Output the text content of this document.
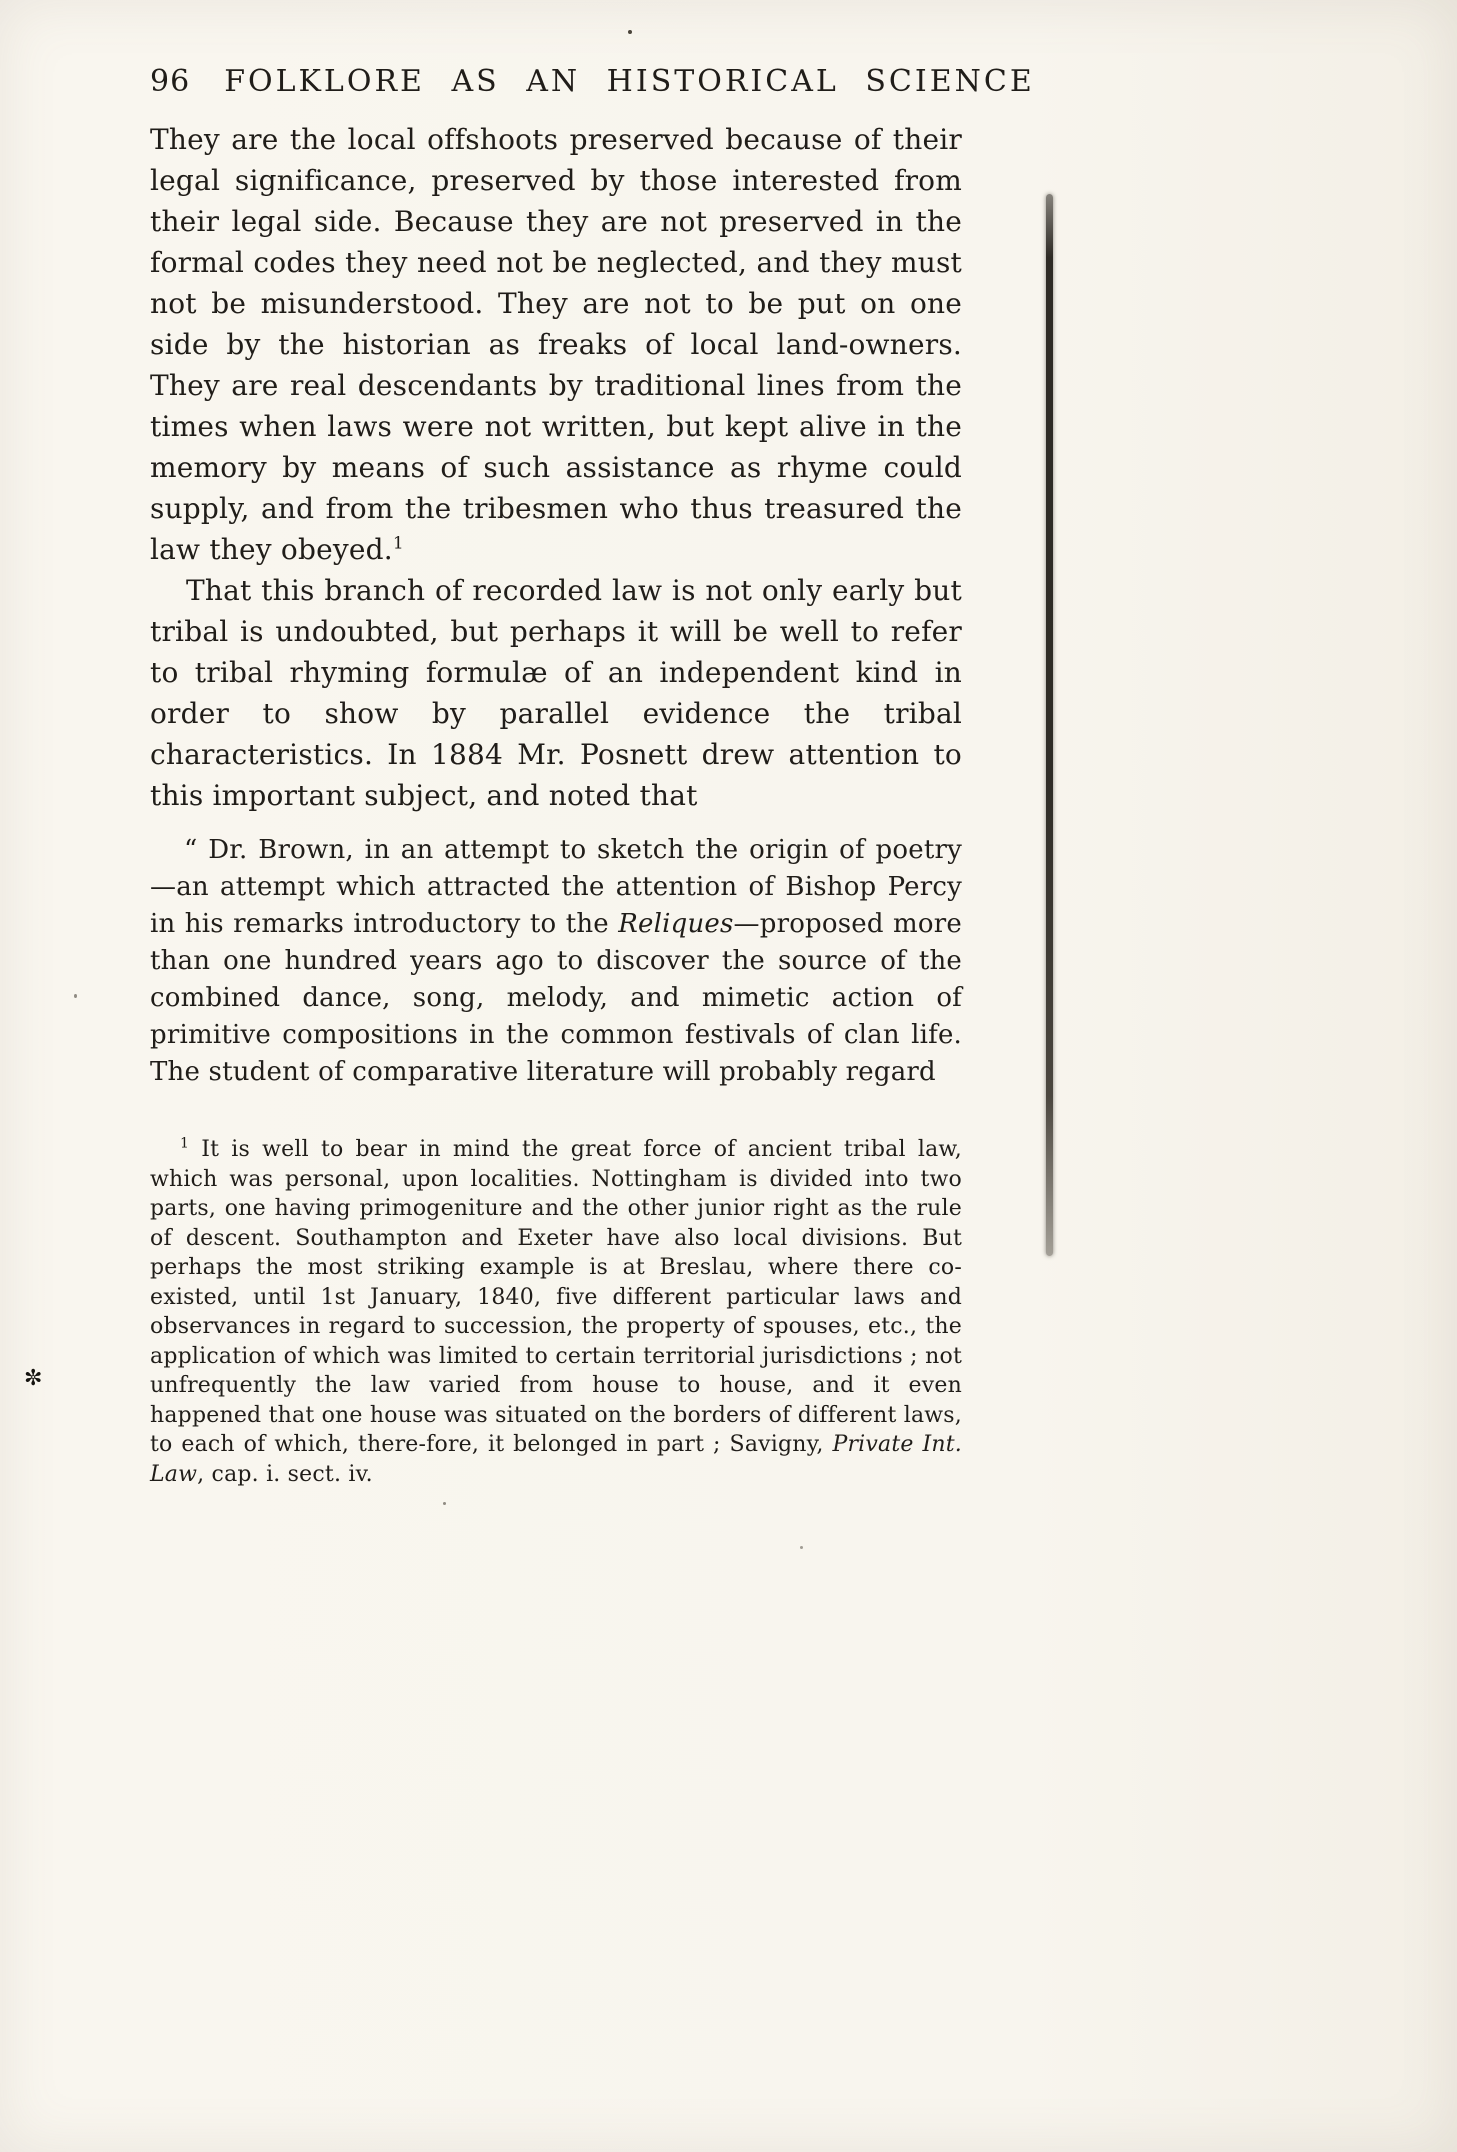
96 FOLKLORE AS AN HISTORICAL SCIENCE

They are the local offshoots preserved because of their legal significance, preserved by those interested from their legal side. Because they are not preserved in the formal codes they need not be neglected, and they must not be misunderstood. They are not to be put on one side by the historian as freaks of local land-owners. They are real descendants by traditional lines from the times when laws were not written, but kept alive in the memory by means of such assistance as rhyme could supply, and from the tribesmen who thus treasured the law they obeyed.$^1$

That this branch of recorded law is not only early but tribal is undoubted, but perhaps it will be well to refer to tribal rhyming formulæ of an independent kind in order to show by parallel evidence the tribal characteristics. In 1884 Mr. Posnett drew attention to this important subject, and noted that

“ Dr. Brown, in an attempt to sketch the origin of poetry—an attempt which attracted the attention of Bishop Percy in his remarks introductory to the Reliques—proposed more than one hundred years ago to discover the source of the combined dance, song, melody, and mimetic action of primitive compositions in the common festivals of clan life. The student of comparative literature will probably regard

$^1$ It is well to bear in mind the great force of ancient tribal law, which was personal, upon localities. Nottingham is divided into two parts, one having primogeniture and the other junior right as the rule of descent. Southampton and Exeter have also local divisions. But perhaps the most striking example is at Breslau, where there co-existed, until 1st January, 1840, five different particular laws and observances in regard to succession, the property of spouses, etc., the application of which was limited to certain territorial jurisdictions ; not unfrequently the law varied from house to house, and it even happened that one house was situated on the borders of different laws, to each of which, there-fore, it belonged in part ; Savigny, Private Int. Law, cap. i. sect. iv.

✼
